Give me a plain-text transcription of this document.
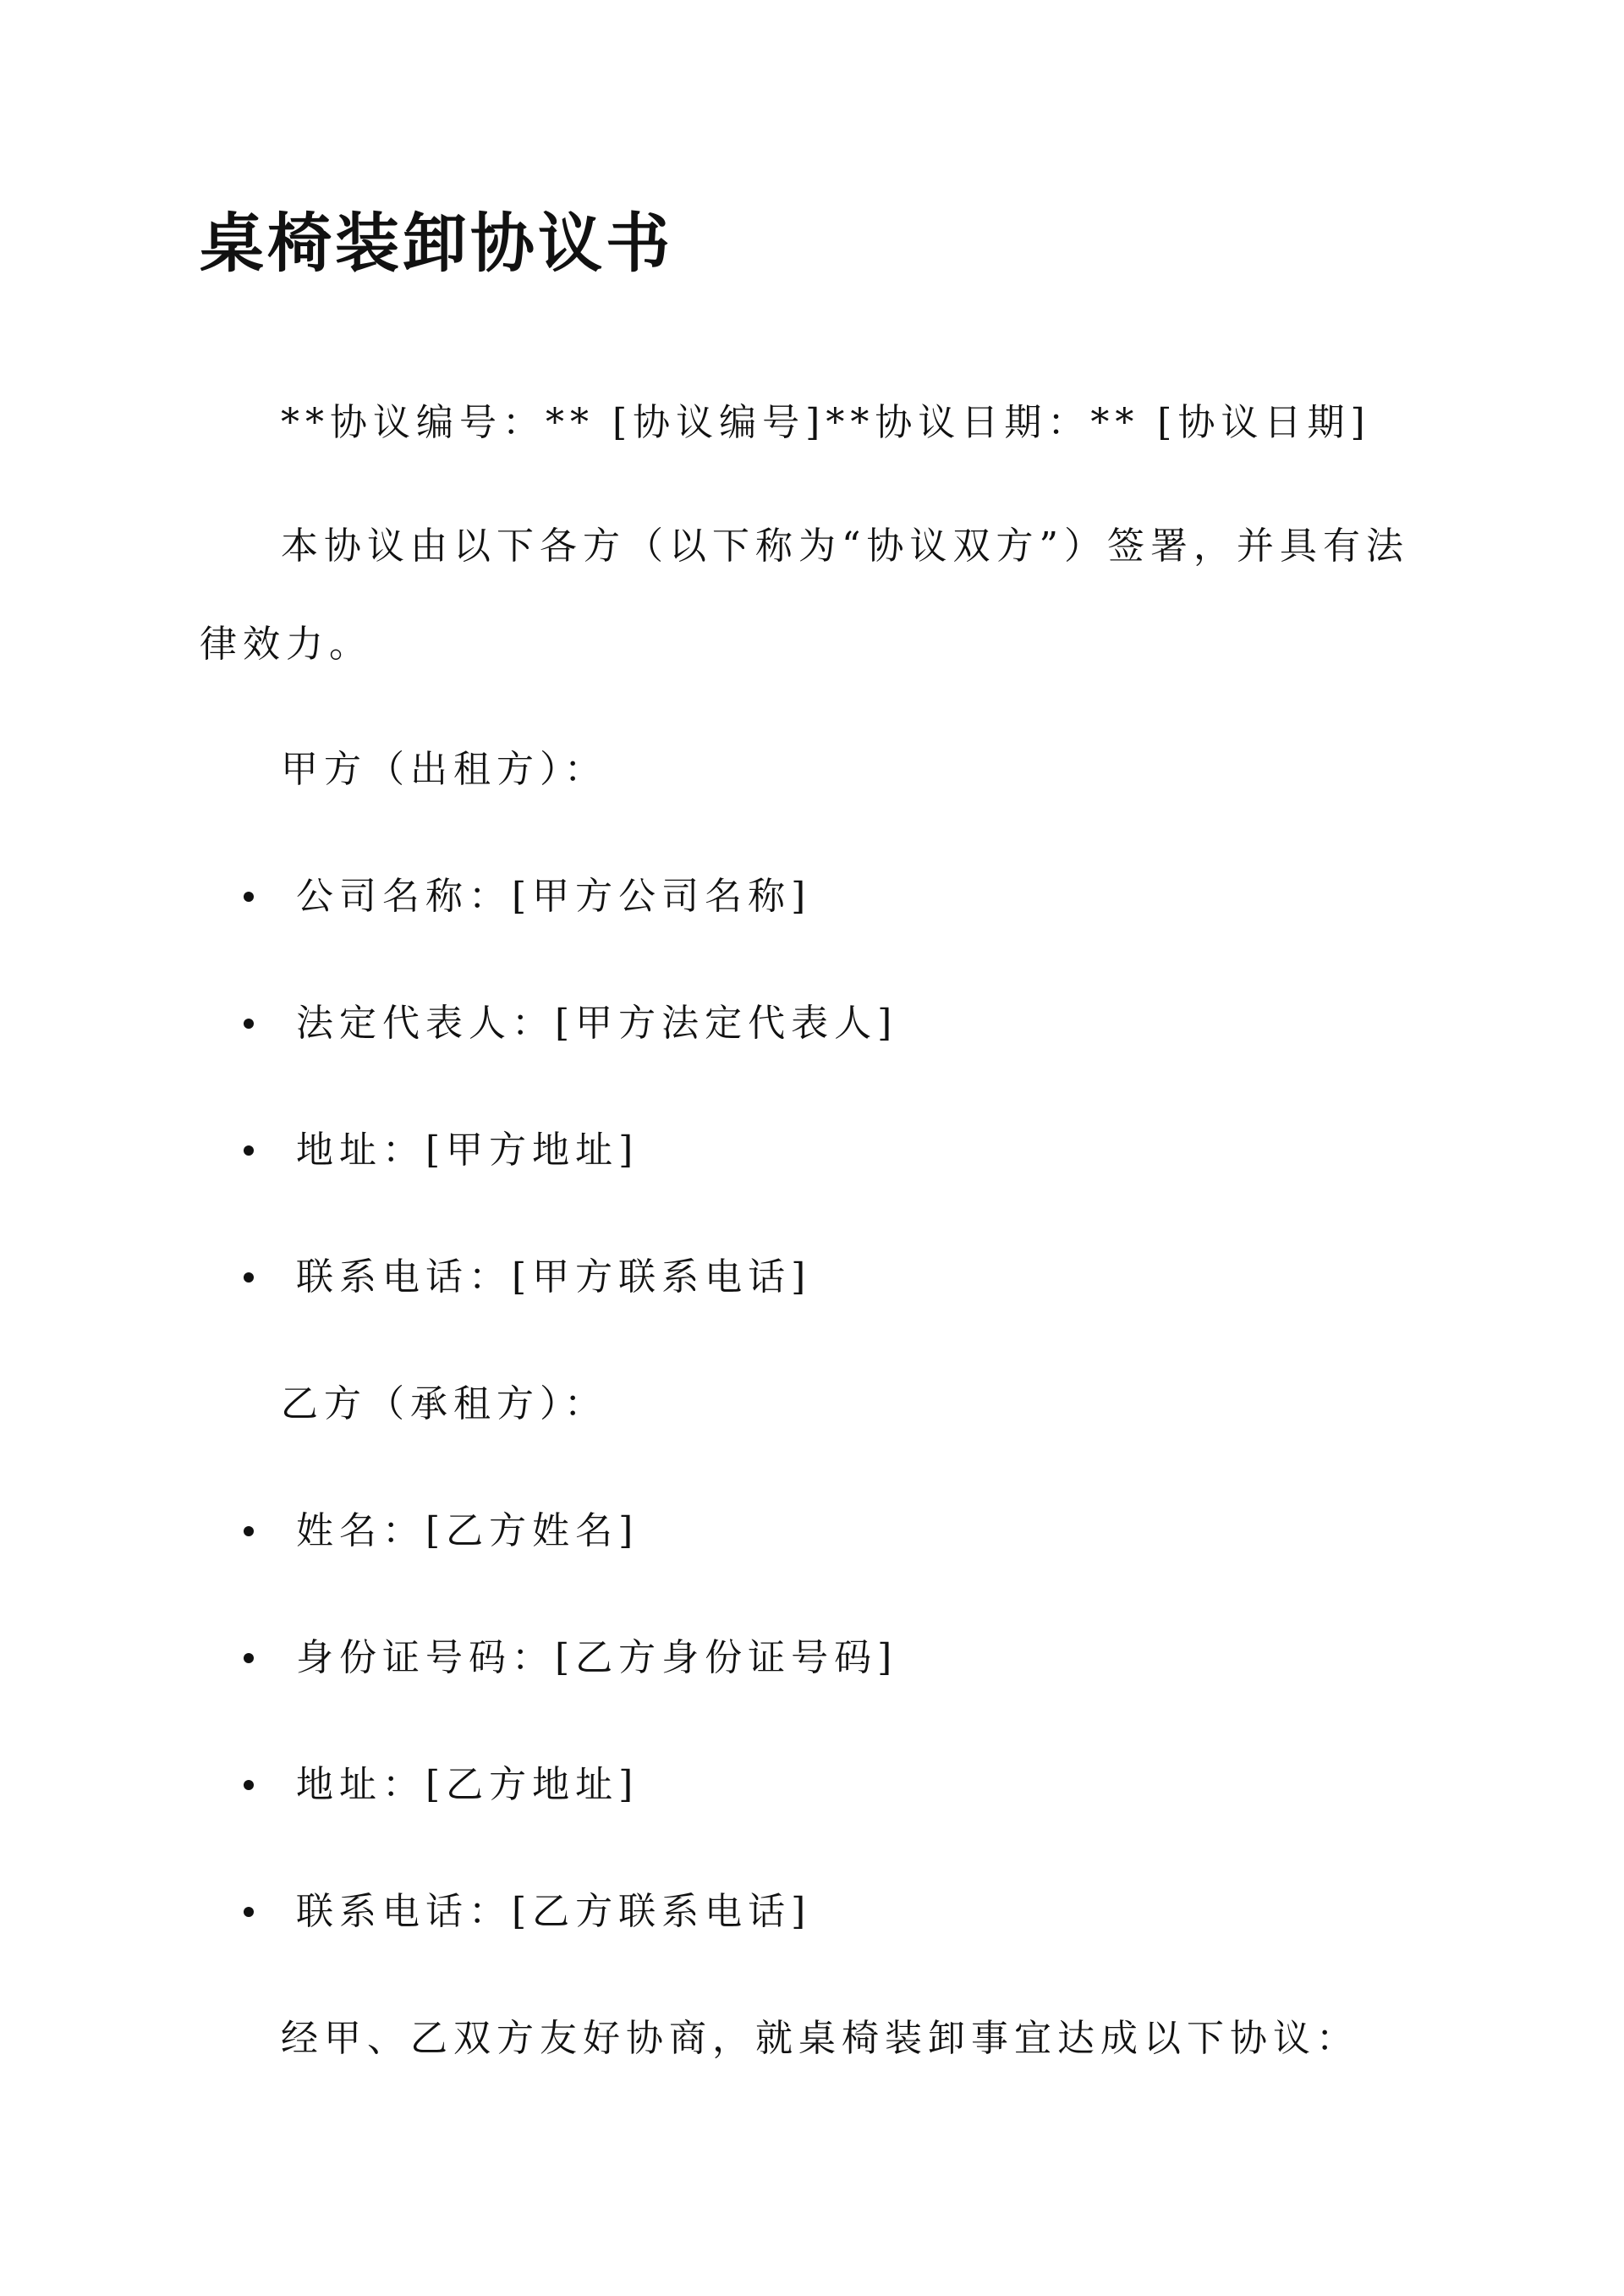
桌椅装卸协议书

**协议编号：** [协议编号]**协议日期：** [协议日期]

本协议由以下各方（以下称为“协议双方”）签署，并具有法

律效力。

甲方（出租方）：

公司名称：[甲方公司名称]
法定代表人：[甲方法定代表人]
地址：[甲方地址]
联系电话：[甲方联系电话]

乙方（承租方）：

姓名：[乙方姓名]
身份证号码：[乙方身份证号码]
地址：[乙方地址]
联系电话：[乙方联系电话]

经甲、乙双方友好协商，就桌椅装卸事宜达成以下协议：
